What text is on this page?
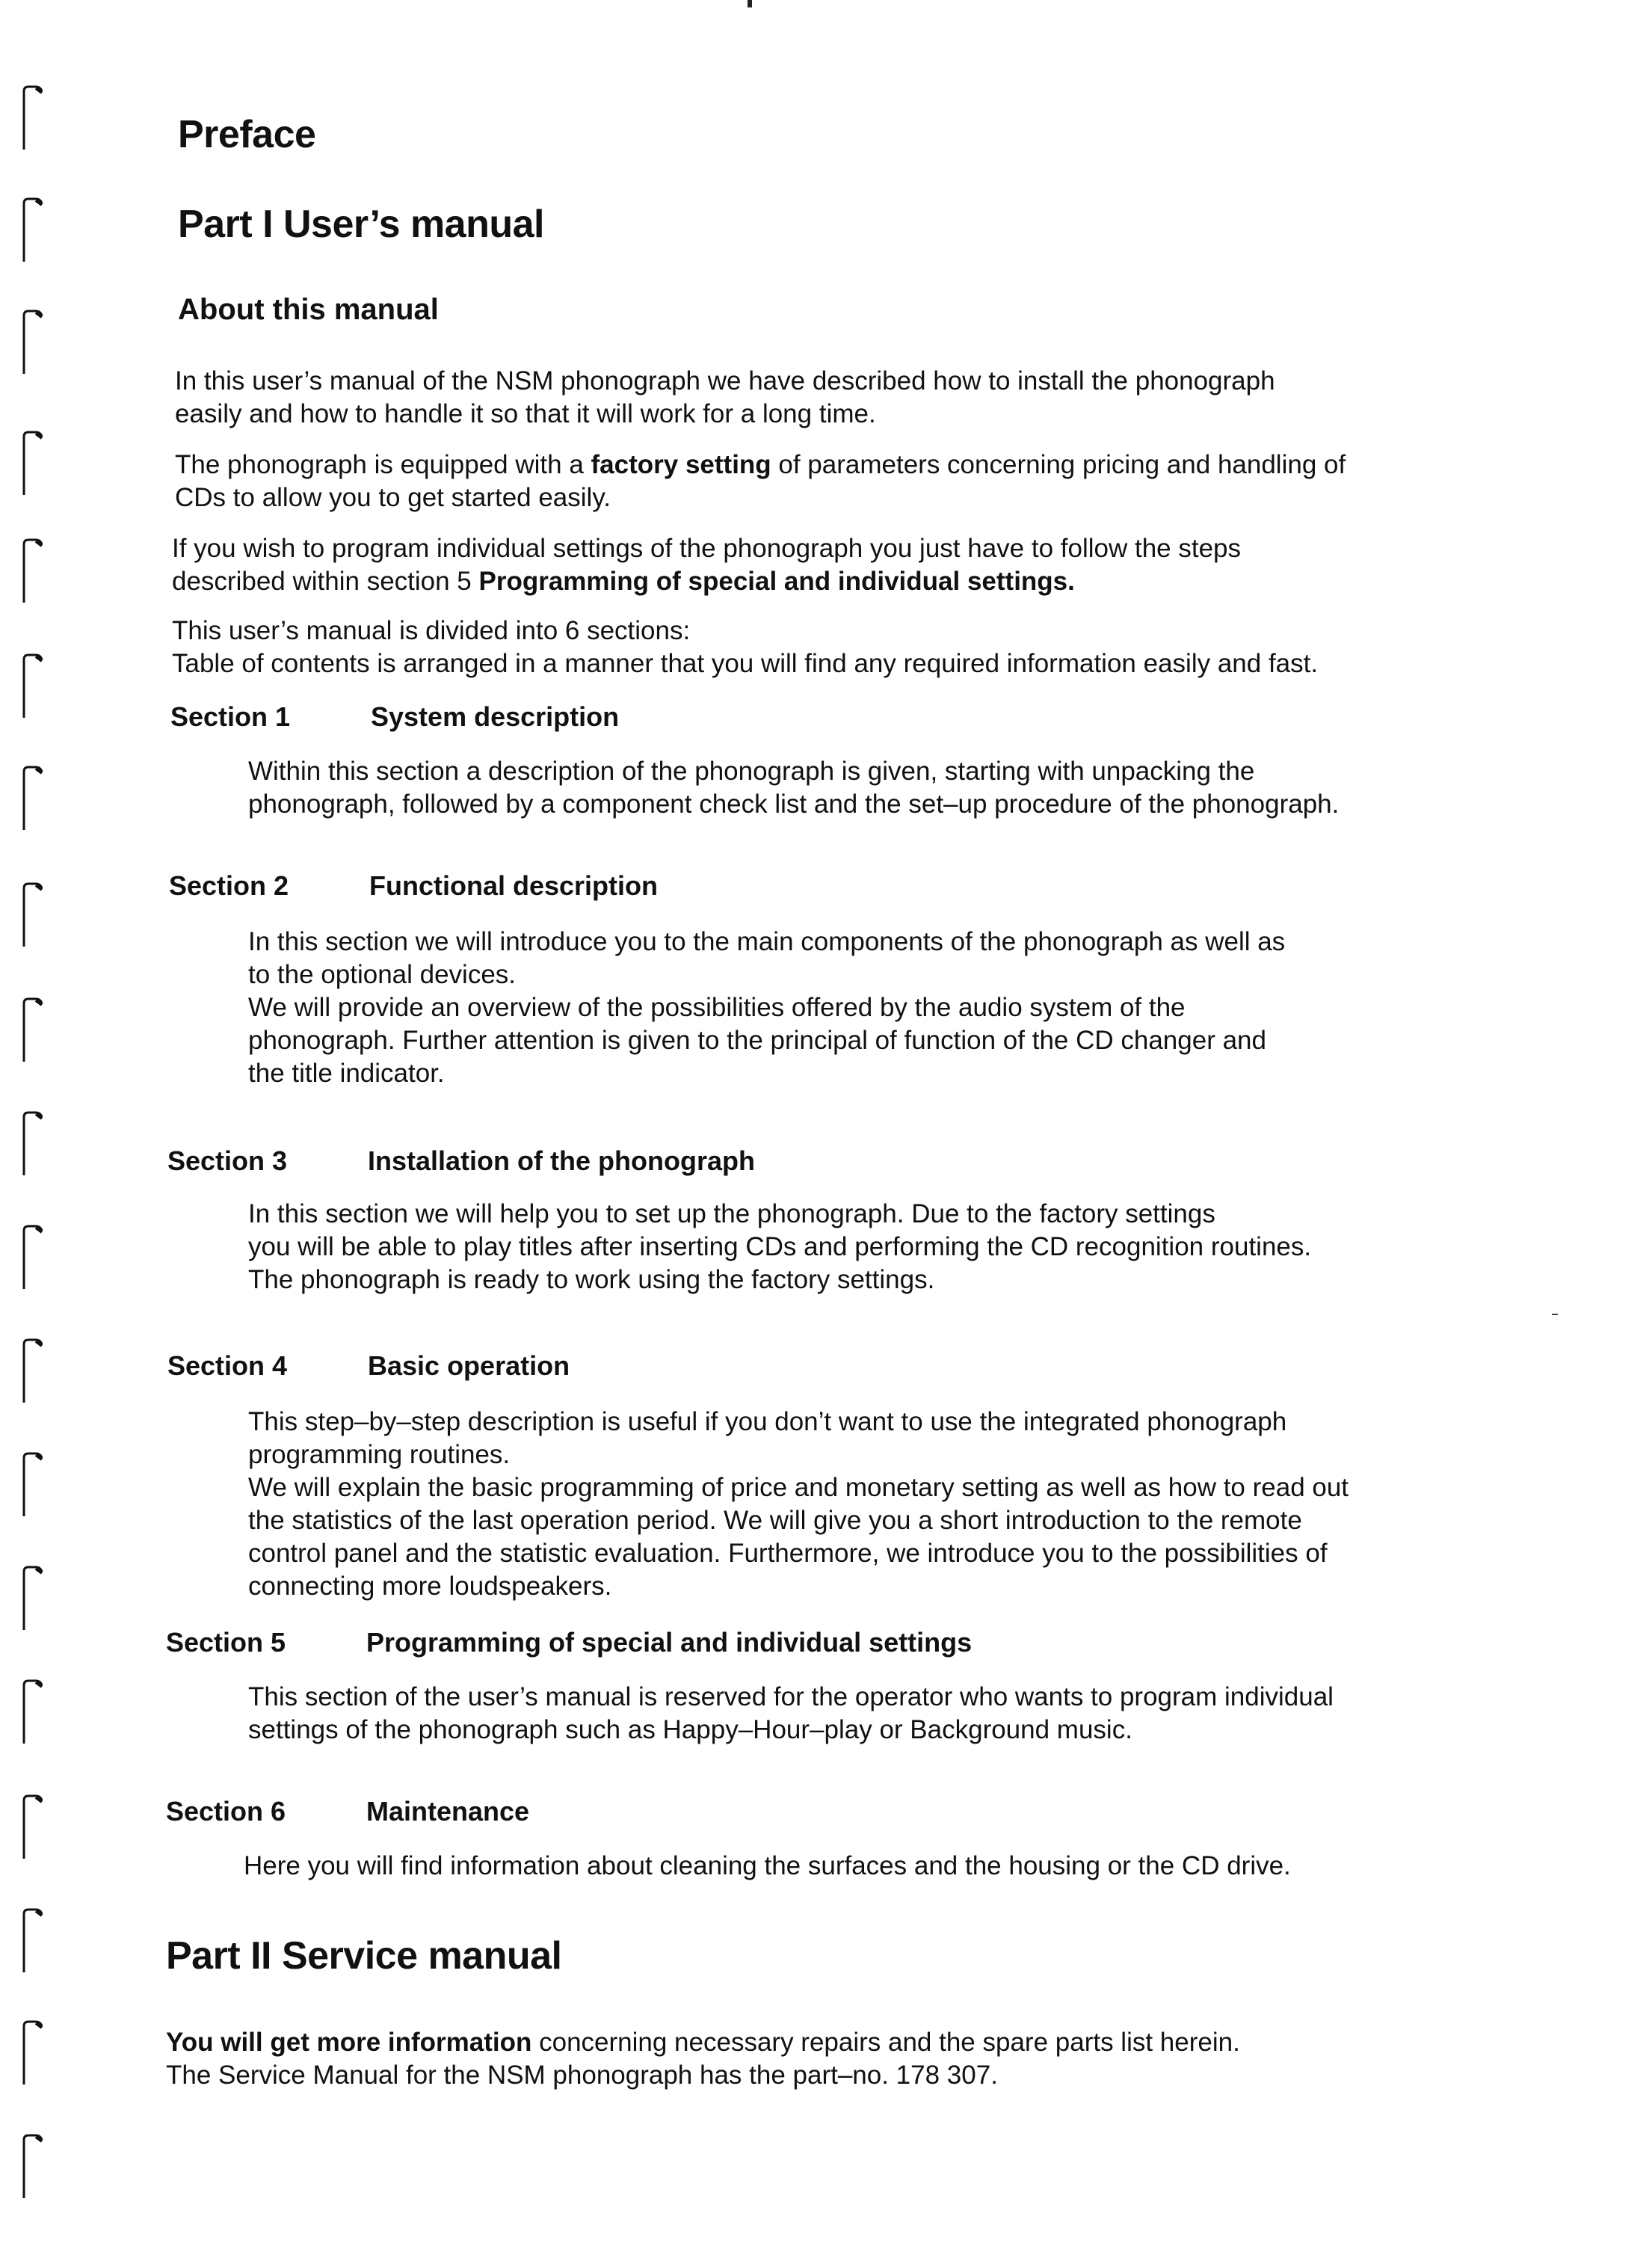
Preface
Part I User’s manual
About this manual
In this user’s manual of the NSM phonograph we have described how to install the phonograph
easily and how to handle it so that it will work for a long time.
The phonograph is equipped with a factory setting of parameters concerning pricing and handling of
CDs to allow you to get started easily.
If you wish to program individual settings of the phonograph you just have to follow the steps
described within section 5 Programming of special and individual settings.
This user’s manual is divided into 6 sections:
Table of contents is arranged in a manner that you will find any required information easily and fast.
Section 1	System description
Within this section a description of the phonograph is given, starting with unpacking the
phonograph, followed by a component check list and the set–up procedure of the phonograph.
Section 2	Functional description
In this section we will introduce you to the main components of the phonograph as well as
to the optional devices.
We will provide an overview of the possibilities offered by the audio system of the
phonograph. Further attention is given to the principal of function of the CD changer and
the title indicator.
Section 3	Installation of the phonograph
In this section we will help you to set up the phonograph. Due to the factory settings
you will be able to play titles after inserting CDs and performing the CD recognition routines.
The phonograph is ready to work using the factory settings.
Section 4	Basic operation
This step–by–step description is useful if you don’t want to use the integrated phonograph
programming routines.
We will explain the basic programming of price and monetary setting as well as how to read out
the statistics of the last operation period. We will give you a short introduction to the remote
control panel and the statistic evaluation. Furthermore, we introduce you to the possibilities of
connecting more loudspeakers.
Section 5	Programming of special and individual settings
This section of the user’s manual is reserved for the operator who wants to program individual
settings of the phonograph such as Happy–Hour–play or Background music.
Section 6	Maintenance
Here you will find information about cleaning the surfaces and the housing or the CD drive.
Part II Service manual
You will get more information concerning necessary repairs and the spare parts list herein.
The Service Manual for the NSM phonograph has the part–no. 178 307.
